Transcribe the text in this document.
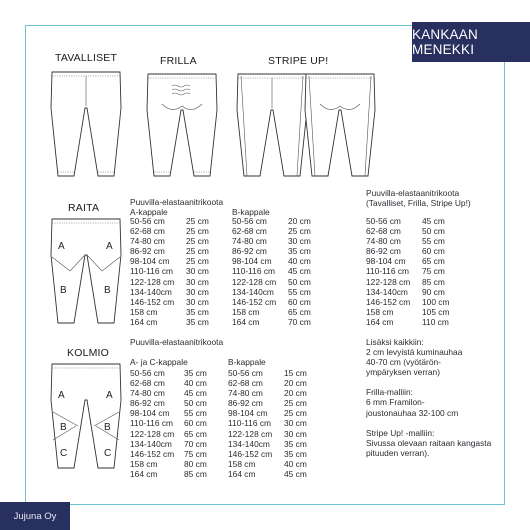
KANKAAN MENEKKI
Jujuna Oy
TAVALLISET	FRILLA	STRIPE UP!
RAITA
KOLMIO
A	A
B	B
A	A
B	B
C	C
Puuvilla-elastaanitrikoota
A-kappale
50-56 cm	25 cm
62-68 cm	25 cm
74-80 cm	25 cm
86-92 cm	25 cm
98-104 cm	25 cm
110-116 cm	30 cm
122-128 cm	30 cm
134-140cm	30 cm
146-152 cm	30 cm
158 cm	35 cm
164 cm	35 cm
B-kappale
50-56 cm	20 cm
62-68 cm	25 cm
74-80 cm	30 cm
86-92 cm	35 cm
98-104 cm	40 cm
110-116 cm	45 cm
122-128 cm	50 cm
134-140cm	55 cm
146-152 cm	60 cm
158 cm	65 cm
164 cm	70 cm
Puuvilla-elastaanitrikoota
A- ja C-kappale
50-56 cm	35 cm
62-68 cm	40 cm
74-80 cm	45 cm
86-92 cm	50 cm
98-104 cm	55 cm
110-116 cm	60 cm
122-128 cm	65 cm
134-140cm	70 cm
146-152 cm	75 cm
158 cm	80 cm
164 cm	85 cm
B-kappale
50-56 cm	15 cm
62-68 cm	20 cm
74-80 cm	20 cm
86-92 cm	25 cm
98-104 cm	25 cm
110-116 cm	30 cm
122-128 cm	30 cm
134-140cm	35 cm
146-152 cm	35 cm
158 cm	40 cm
164 cm	45 cm
Puuvilla-elastaanitrikoota
(Tavalliset, Frilla, Stripe Up!)
50-56 cm	45 cm
62-68 cm	50 cm
74-80 cm	55 cm
86-92 cm	60 cm
98-104 cm	65 cm
110-116 cm	75 cm
122-128 cm	85 cm
134-140cm	90 cm
146-152 cm	100 cm
158 cm	105 cm
164 cm	110 cm
Lisäksi kaikkiin:
2 cm levyistä kuminauhaa
40-70 cm (vyötärön-
ympäryksen verran)
Frilla-malliin:
6 mm Framilon-
joustonauhaa 32-100 cm
Stripe Up! -malliin:
Sivussa olevaan raitaan kangasta
pituuden verran).
